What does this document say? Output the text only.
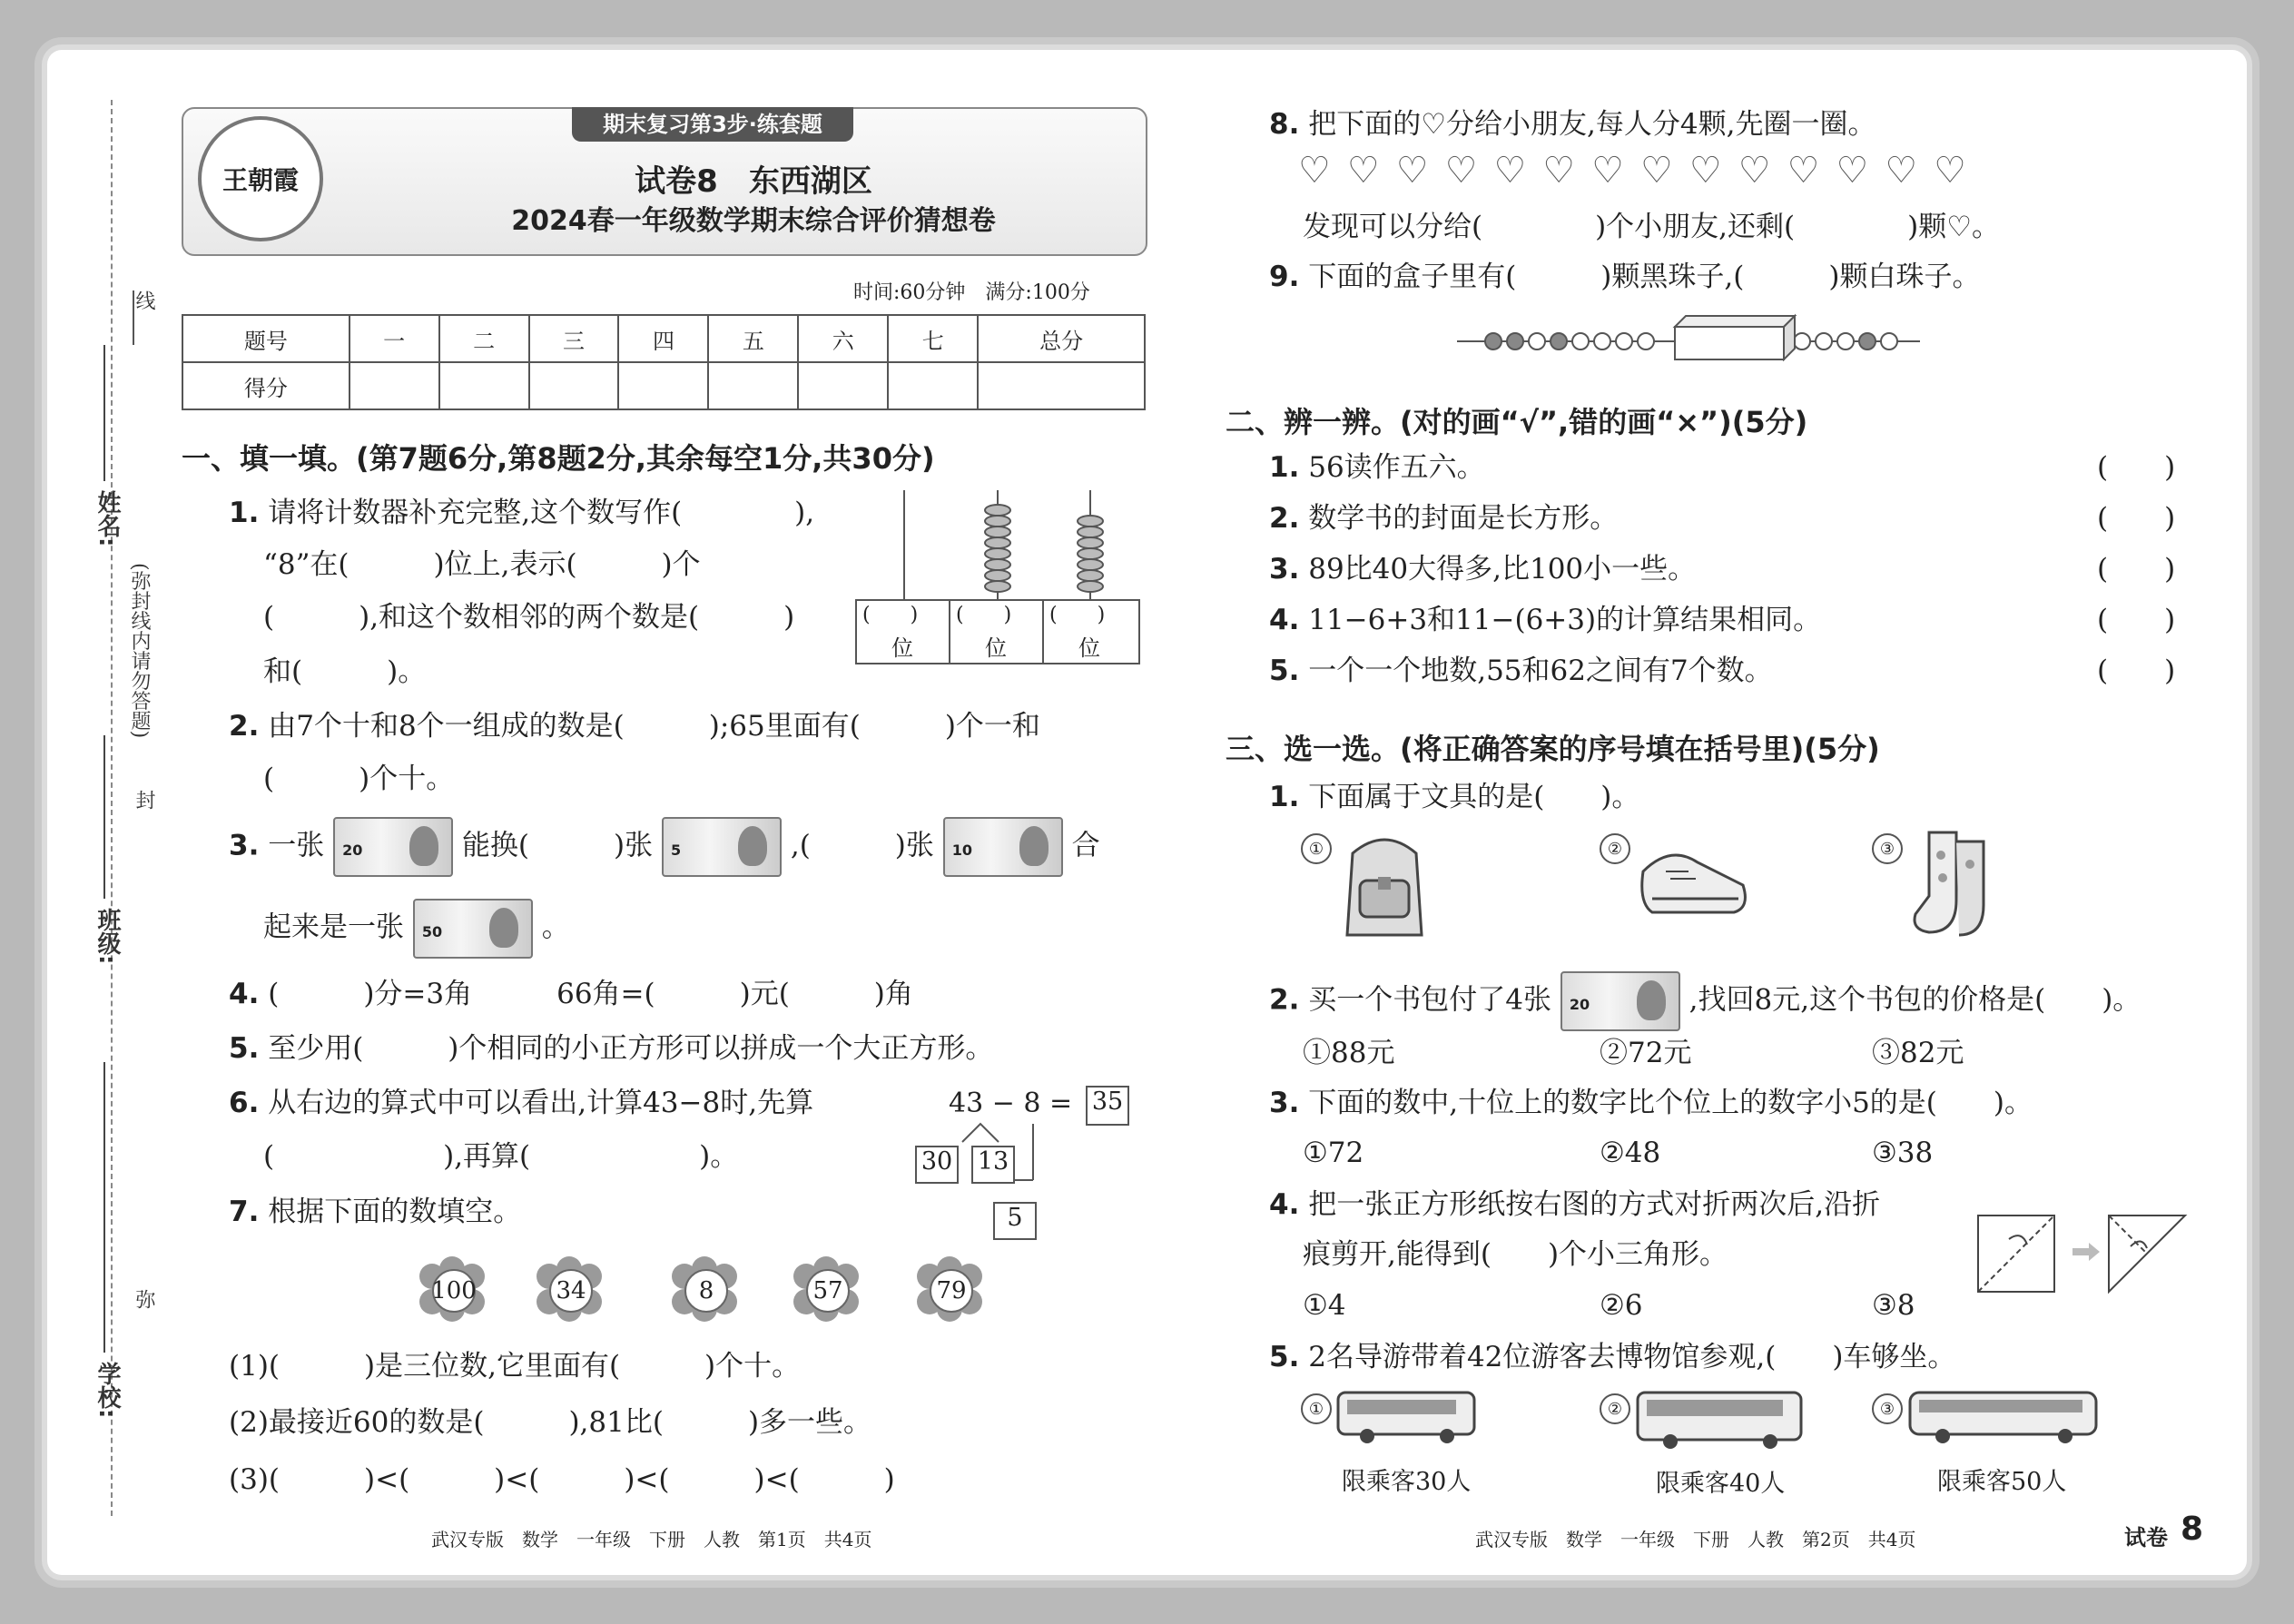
线
姓名:
(弥封线内请勿答题)
封
班级:
弥
学校:
王朝霞
期末复习第3步·练套题
试卷8　东西湖区
2024春一年级数学期末综合评价猜想卷
时间:60分钟　满分:100分
题号	一	二	三	四	五	六	七	总分
得分								
一、填一填。(第7题6分,第8题2分,其余每空1分,共30分)
1. 请将计数器补充完整,这个数写作(　　　　),
“8”在(　　　)位上,表示(　　　)个
(　　　),和这个数相邻的两个数是(　　　)
和(　　　)。
(　　) (　　) (　　)
位	位	位
2. 由7个十和8个一组成的数是(　　　);65里面有(　　　)个一和
(　　　)个十。
3. 一张 20	能换(　　　)张 5	,(　　　)张 10	合
起来是一张 50	。
4. (　　　)分=3角　　　66角=(　　　)元(　　　)角
5. 至少用(　　　)个相同的小正方形可以拼成一个大正方形。
6. 从右边的算式中可以看出,计算43−8时,先算
(　　　　　　),再算(　　　　　　)。
43 − 8 = 35
30 13
5
7. 根据下面的数填空。
100	34	8	57	79
(1)(　　　)是三位数,它里面有(　　　)个十。
(2)最接近60的数是(　　　),81比(　　　)多一些。
(3)(　　　)<(　　　)<(　　　)<(　　　)<(　　　)
武汉专版　数学　一年级　下册　人教　第1页　共4页
8. 把下面的♡分给小朋友,每人分4颗,先圈一圈。
♡♡♡♡♡♡♡♡♡♡♡♡♡♡
发现可以分给(　　　　)个小朋友,还剩(　　　　)颗♡。
9. 下面的盒子里有(　　　)颗黑珠子,(　　　)颗白珠子。
二、辨一辨。(对的画“√”,错的画“×”)(5分)
1. 56读作五六。	(　　)
2. 数学书的封面是长方形。	(　　)
3. 89比40大得多,比100小一些。	(　　)
4. 11−6+3和11−(6+3)的计算结果相同。	(　　)
5. 一个一个地数,55和62之间有7个数。	(　　)
三、选一选。(将正确答案的序号填在括号里)(5分)
1. 下面属于文具的是(　　)。
①	②	③
2. 买一个书包付了4张 20	,找回8元,这个书包的价格是(　　)。
①88元	②72元	③82元
3. 下面的数中,十位上的数字比个位上的数字小5的是(　　)。
①72	②48	③38
4. 把一张正方形纸按右图的方式对折两次后,沿折
痕剪开,能得到(　　)个小三角形。
①4	②6	③8
5. 2名导游带着42位游客去博物馆参观,(　　)车够坐。
①	②	③
限乘客30人	限乘客40人	限乘客50人
武汉专版　数学　一年级　下册　人教　第2页　共4页	试卷 8
